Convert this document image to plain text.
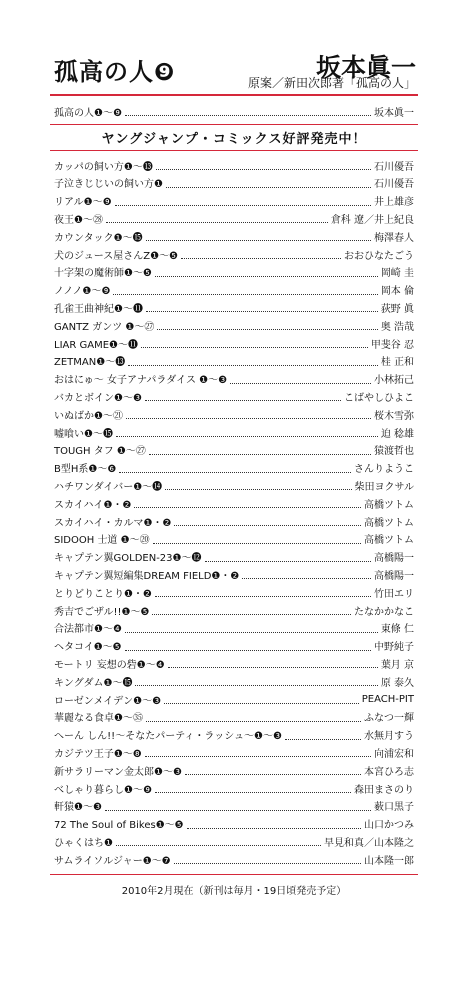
孤高の人❾	坂本眞一
原案／新田次郎著「孤高の人」
孤高の人❶〜❾	坂本眞一
ヤングジャンプ・コミックス好評発売中！
カッパの飼い方❶〜⓭	石川優吾
子泣きじじいの飼い方❶	石川優吾
リアル❶〜❾	井上雄彦
夜王❶〜㉘	倉科 遼／井上紀良
カウンタック❶〜⓯	梅澤春人
犬のジュース屋さんZ❶〜❺	おおひなたごう
十字架の魔術師❶〜❺	岡崎 圭
ノノノ❶〜❾	岡本 倫
孔雀王曲神紀❶〜⓫	荻野 眞
GANTZ ガンツ ❶〜㉗	奥 浩哉
LIAR GAME❶〜⓫	甲斐谷 忍
ZETMAN❶〜⓭	桂 正和
おはにゅ〜 女子アナパラダイス ❶〜❸	小林拓己
バカとボイン❶〜❸	こばやしひよこ
いぬばか❶〜㉑	桜木雪弥
嘘喰い❶〜⓯	迫 稔雄
TOUGH タフ ❶〜㉗	猿渡哲也
B型H系❶〜❻	さんりようこ
ハチワンダイバー❶〜⓮	柴田ヨクサル
スカイハイ❶・❷	高橋ツトム
スカイハイ・カルマ❶・❷	高橋ツトム
SIDOOH 士道 ❶〜⑳	高橋ツトム
キャプテン翼GOLDEN-23❶〜⓬	高橋陽一
キャプテン翼短編集DREAM FIELD❶・❷	高橋陽一
とりどりことり❶・❷	竹田エリ
秀吉でごザル!!❶〜❺	たなかかなこ
合法都市❶〜❹	東條 仁
ヘタコイ❶〜❺	中野純子
モートリ 妄想の砦❶〜❹	葉月 京
キングダム❶〜⓯	原 泰久
ローゼンメイデン❶〜❸	PEACH-PIT
華麗なる食卓❶〜㉟	ふなつ一輝
へーん しん!!〜そなたパーティ・ラッシュ〜❶〜❸	水無月すう
カジテツ王子❶〜❽	向浦宏和
新サラリーマン金太郎❶〜❸	本宮ひろ志
べしゃり暮らし❶〜❾	森田まさのり
軒猿❶〜❸	薮口黒子
72 The Soul of Bikes❶〜❺	山口かつみ
ひゃくはち❶	早見和真／山本隆之
サムライソルジャー❶〜❼	山本隆一郎
2010年2月現在（新刊は毎月・19日頃発売予定）
